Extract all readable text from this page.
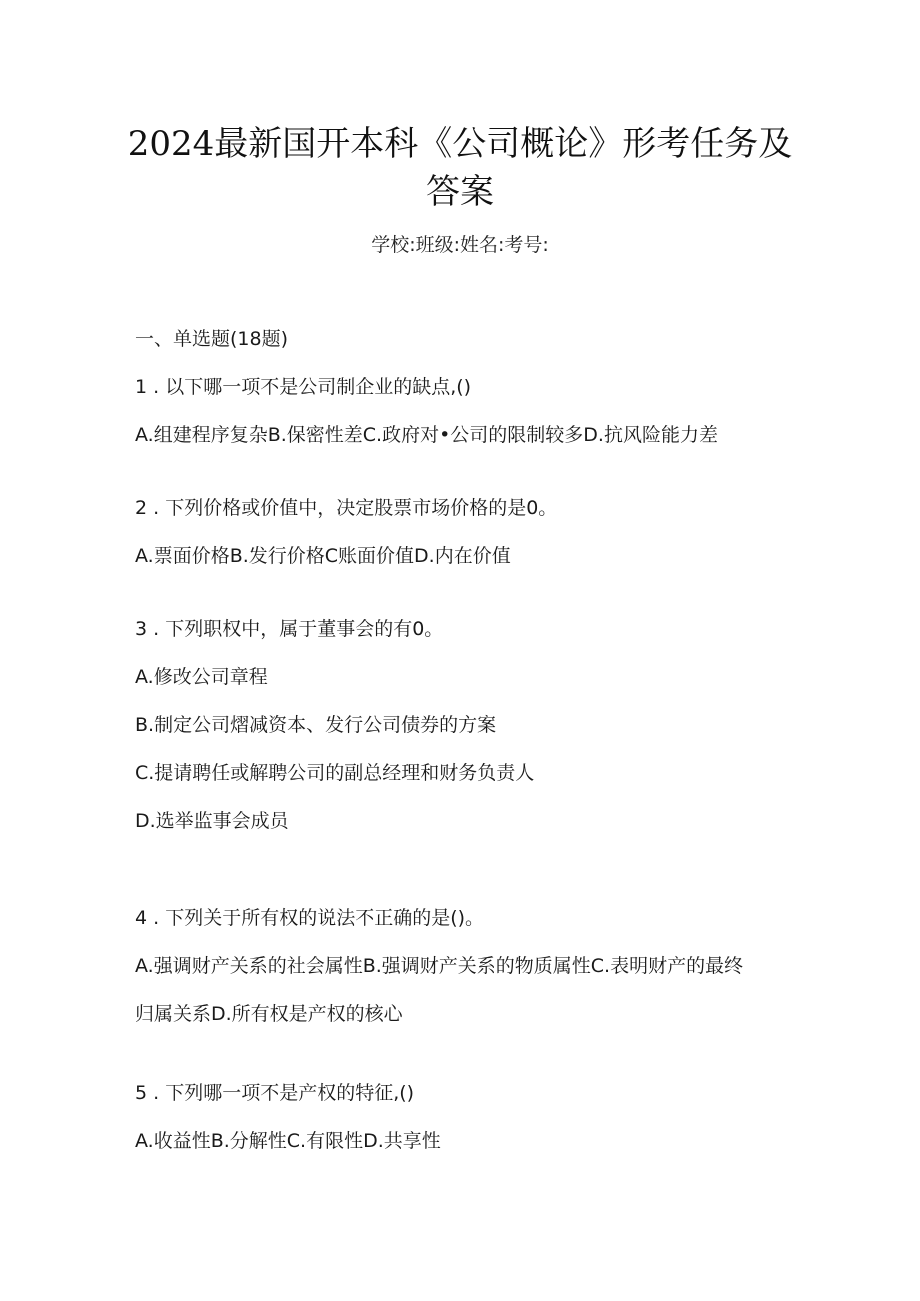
2024最新国开本科《公司概论》形考任务及
答案
学校:班级:姓名:考号:
一、单选题(18题)
1 . 以下哪一项不是公司制企业的缺点,()
A.组建程序复杂B.保密性差C.政府对•公司的限制较多D.抗风险能力差
2 . 下列价格或价值中，决定股票市场价格的是0。
A.票面价格B.发行价格C账面价值D.内在价值
3 . 下列职权中，属于董事会的有0。
A.修改公司章程
B.制定公司熠减资本、发行公司债券的方案
C.提请聘任或解聘公司的副总经理和财务负责人
D.选举监事会成员
4 . 下列关于所有权的说法不正确的是()。
A.强调财产关系的社会属性B.强调财产关系的物质属性C.表明财产的最终
归属关系D.所有权是产权的核心
5 . 下列哪一项不是产权的特征,()
A.收益性B.分解性C.有限性D.共享性
